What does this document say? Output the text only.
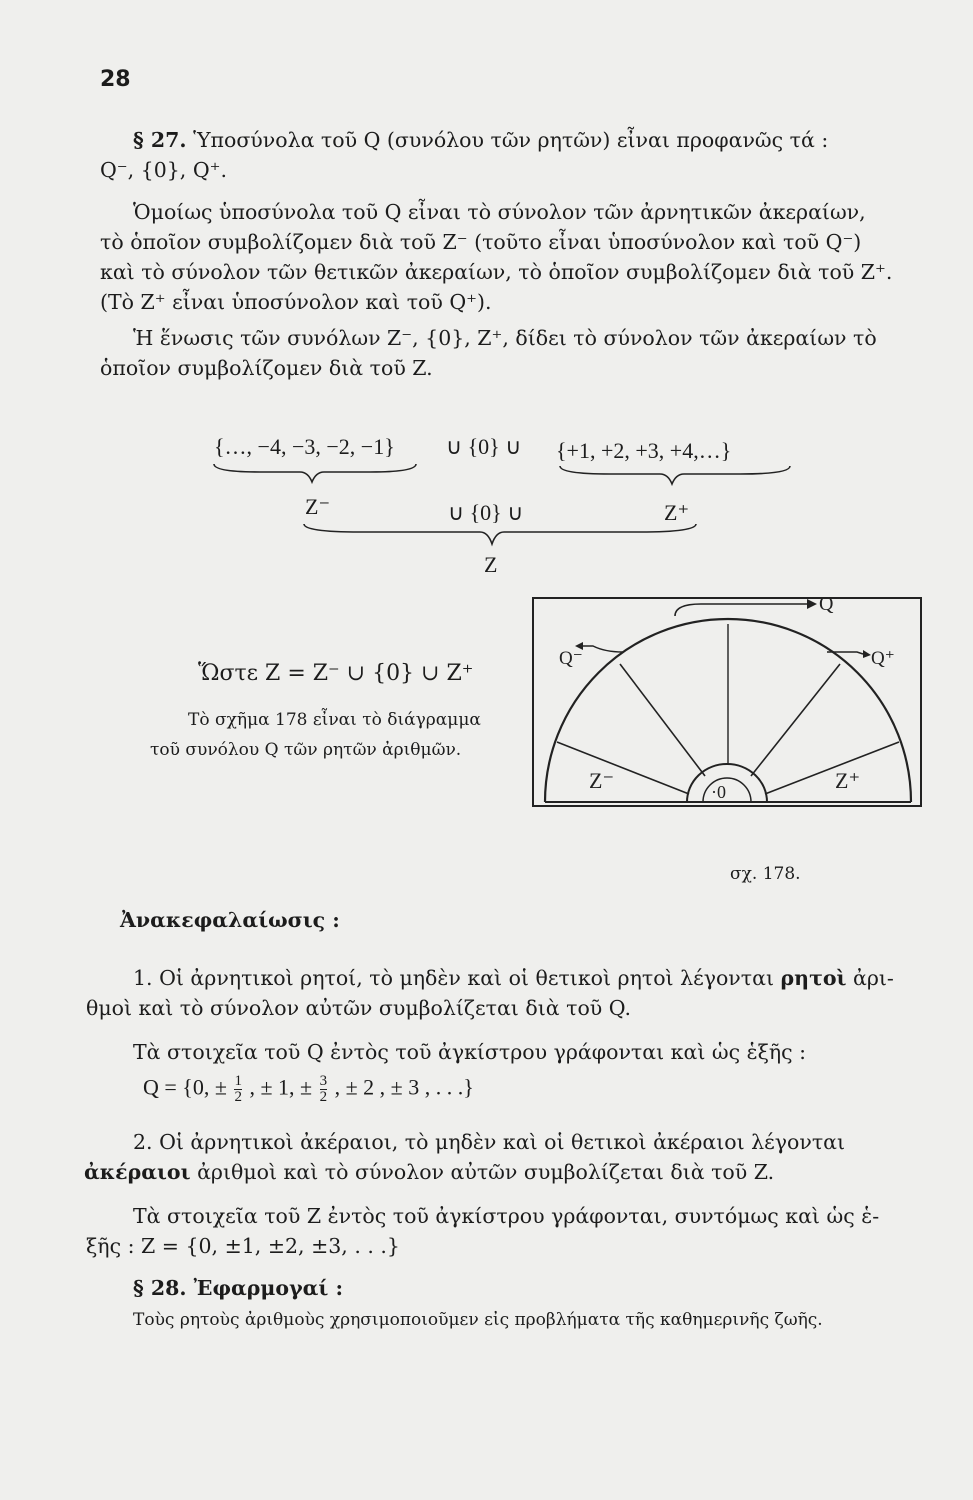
28
§ 27. Ὑποσύνολα τοῦ Q (συνόλου τῶν ρητῶν) εἶναι προφανῶς τά :
Q⁻, {0}, Q⁺.
Ὁμοίως ὑποσύνολα τοῦ Q εἶναι τὸ σύνολον τῶν ἀρνητικῶν ἀκεραίων,
τὸ ὁποῖον συμβολίζομεν διὰ τοῦ Z⁻ (τοῦτο εἶναι ὑποσύνολον καὶ τοῦ Q⁻)
καὶ τὸ σύνολον τῶν θετικῶν ἀκεραίων, τὸ ὁποῖον συμβολίζομεν διὰ τοῦ Z⁺.
(Τὸ Z⁺ εἶναι ὑποσύνολον καὶ τοῦ Q⁺).
Ἡ ἕνωσις τῶν συνόλων Z⁻, {0}, Z⁺, δίδει τὸ σύνολον τῶν ἀκεραίων τὸ
ὁποῖον συμβολίζομεν διὰ τοῦ Z.
{…, −4, −3, −2, −1} ∪ {0} ∪ {+1, +2, +3, +4,…}
Z⁻	∪ {0} ∪	Z⁺
Z
Ὥστε Z = Z⁻ ∪ {0} ∪ Z⁺
Τὸ σχῆμα 178 εἶναι τὸ διάγραμμα
τοῦ συνόλου Q τῶν ρητῶν ἀριθμῶν.
Q
Q⁻	Q⁺
Z⁻	Z⁺
·0
σχ. 178.
Ἀνακεφαλαίωσις :
1. Οἱ ἀρνητικοὶ ρητοί, τὸ μηδὲν καὶ οἱ θετικοὶ ρητοὶ λέγονται ρητοὶ ἀρι-
θμοὶ καὶ τὸ σύνολον αὐτῶν συμβολίζεται διὰ τοῦ Q.
Τὰ στοιχεῖα τοῦ Q ἐντὸς τοῦ ἀγκίστρου γράφονται καὶ ὡς ἑξῆς :
Q = {0, ± $\frac{1}{2}$ , ± 1, ± $\frac{3}{2}$ , ± 2 , ± 3 , . . .}
2. Οἱ ἀρνητικοὶ ἀκέραιοι, τὸ μηδὲν καὶ οἱ θετικοὶ ἀκέραιοι λέγονται
ἀκέραιοι ἀριθμοὶ καὶ τὸ σύνολον αὐτῶν συμβολίζεται διὰ τοῦ Z.
Τὰ στοιχεῖα τοῦ Z ἐντὸς τοῦ ἀγκίστρου γράφονται, συντόμως καὶ ὡς ἑ-
ξῆς : Z = {0, ±1, ±2, ±3, . . .}
§ 28. Ἐφαρμογαί :
Τοὺς ρητοὺς ἀριθμοὺς χρησιμοποιοῦμεν εἰς προβλήματα τῆς καθημερινῆς ζωῆς.
